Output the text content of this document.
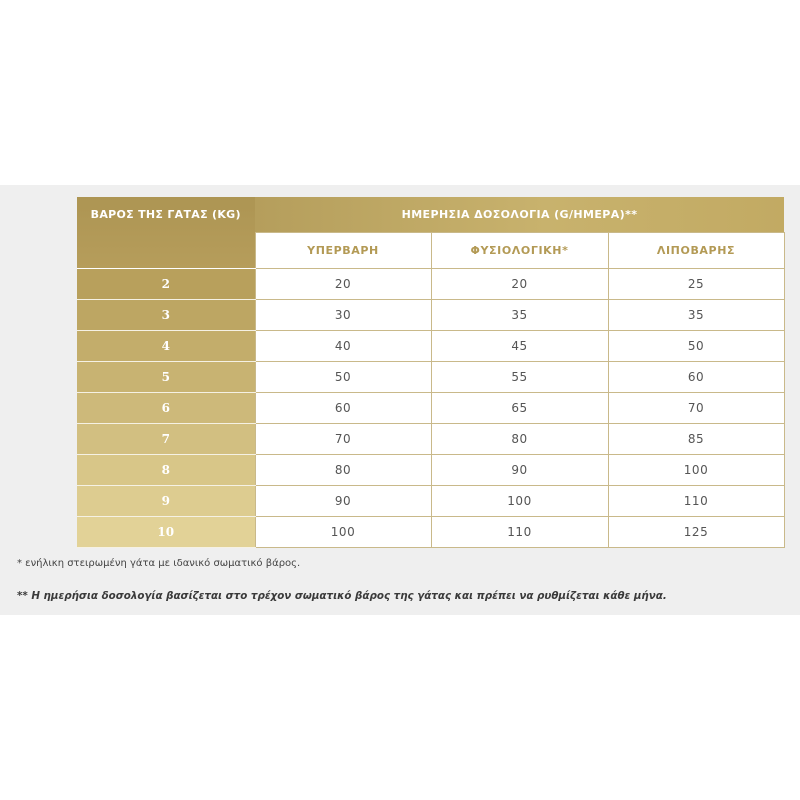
ΒΑΡΟΣ ΤΗΣ ΓΑΤΑΣ (KG)	ΗΜΕΡΗΣΙΑ ΔΟΣΟΛΟΓΙΑ (G/ΗΜΕΡΑ)**		
	ΥΠΕΡΒΑΡΗ	ΦΥΣΙΟΛΟΓΙΚΗ*	ΛΙΠΟΒΑΡΗΣ
2	20	20	25
3	30	35	35
4	40	45	50
5	50	55	60
6	60	65	70
7	70	80	85
8	80	90	100
9	90	100	110
10	100	110	125
* ενήλικη στειρωμένη γάτα με ιδανικό σωματικό βάρος.
** Η ημερήσια δοσολογία βασίζεται στο τρέχον σωματικό βάρος της γάτας και πρέπει να ρυθμίζεται κάθε μήνα.
